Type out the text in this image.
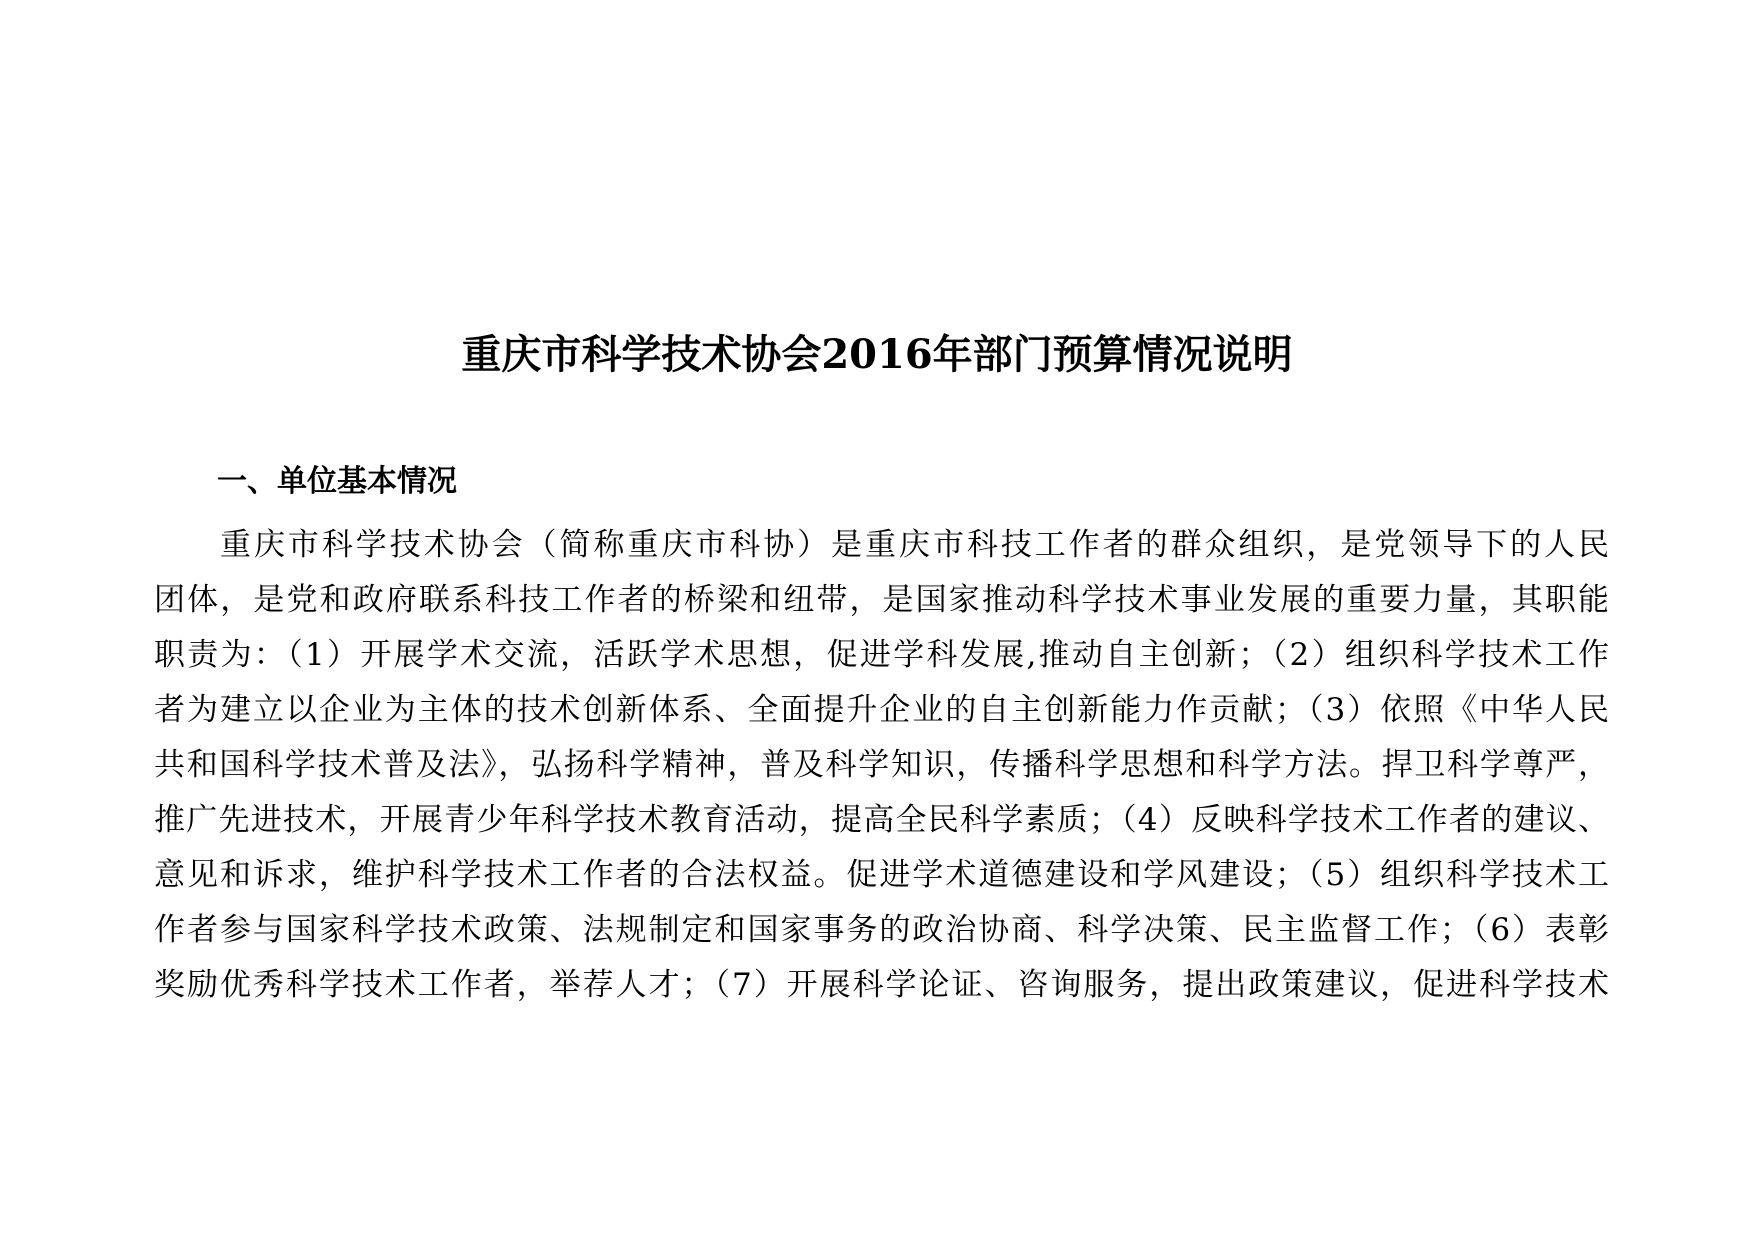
重庆市科学技术协会2016年部门预算情况说明
一、单位基本情况
重庆市科学技术协会（简称重庆市科协）是重庆市科技工作者的群众组织，是党领导下的人民
团体，是党和政府联系科技工作者的桥梁和纽带，是国家推动科学技术事业发展的重要力量，其职能
职责为：（1）开展学术交流，活跃学术思想，促进学科发展,推动自主创新；（2）组织科学技术工作
者为建立以企业为主体的技术创新体系、全面提升企业的自主创新能力作贡献；（3）依照《中华人民
共和国科学技术普及法》，弘扬科学精神，普及科学知识，传播科学思想和科学方法。捍卫科学尊严，
推广先进技术，开展青少年科学技术教育活动，提高全民科学素质；（4）反映科学技术工作者的建议、
意见和诉求，维护科学技术工作者的合法权益。促进学术道德建设和学风建设；（5）组织科学技术工
作者参与国家科学技术政策、法规制定和国家事务的政治协商、科学决策、民主监督工作；（6）表彰
奖励优秀科学技术工作者，举荐人才；（7）开展科学论证、咨询服务，提出政策建议，促进科学技术
